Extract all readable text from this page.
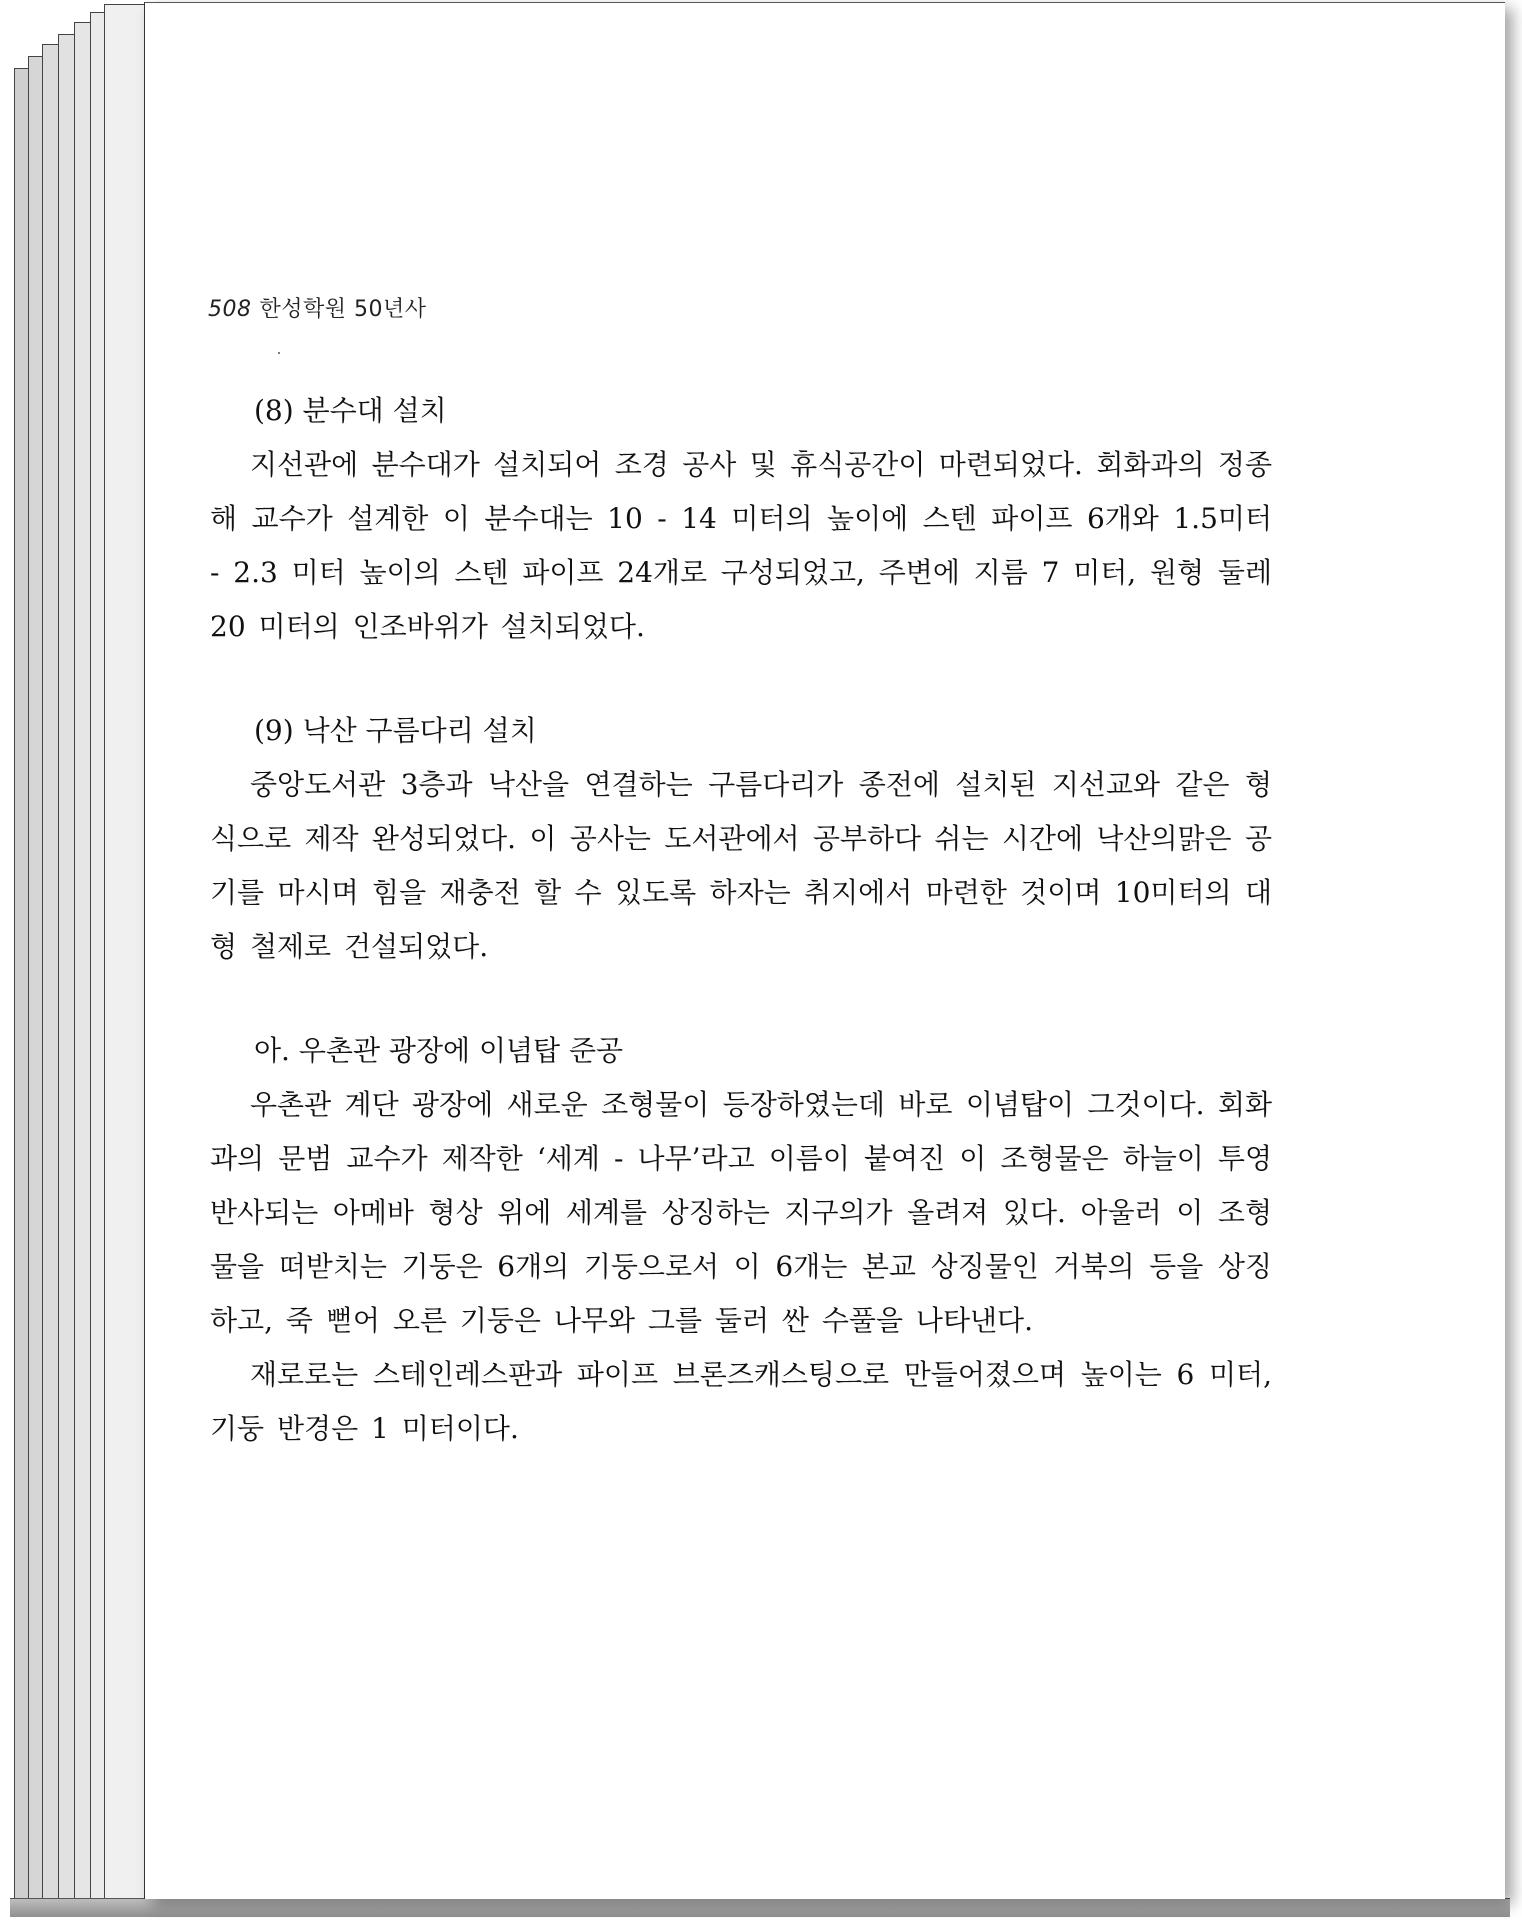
508 한성학원 50년사

(8) 분수대 설치

지선관에 분수대가 설치되어 조경 공사 및 휴식공간이 마련되었다. 회화과의 정종해 교수가 설계한 이 분수대는 10 - 14 미터의 높이에 스텐 파이프 6개와 1.5미터 - 2.3 미터 높이의 스텐 파이프 24개로 구성되었고, 주변에 지름 7 미터, 원형 둘레 20 미터의 인조바위가 설치되었다.

(9) 낙산 구름다리 설치

중앙도서관 3층과 낙산을 연결하는 구름다리가 종전에 설치된 지선교와 같은 형식으로 제작 완성되었다. 이 공사는 도서관에서 공부하다 쉬는 시간에 낙산의맑은 공기를 마시며 힘을 재충전 할 수 있도록 하자는 취지에서 마련한 것이며 10미터의 대형 철제로 건설되었다.

아. 우촌관 광장에 이념탑 준공

우촌관 계단 광장에 새로운 조형물이 등장하였는데 바로 이념탑이 그것이다. 회화과의 문범 교수가 제작한 ‘세계 - 나무’라고 이름이 붙여진 이 조형물은 하늘이 투영 반사되는 아메바 형상 위에 세계를 상징하는 지구의가 올려져 있다. 아울러 이 조형물을 떠받치는 기둥은 6개의 기둥으로서 이 6개는 본교 상징물인 거북의 등을 상징하고, 죽 뻗어 오른 기둥은 나무와 그를 둘러 싼 수풀을 나타낸다.

재로로는 스테인레스판과 파이프 브론즈캐스팅으로 만들어졌으며 높이는 6 미터, 기둥 반경은 1 미터이다.
